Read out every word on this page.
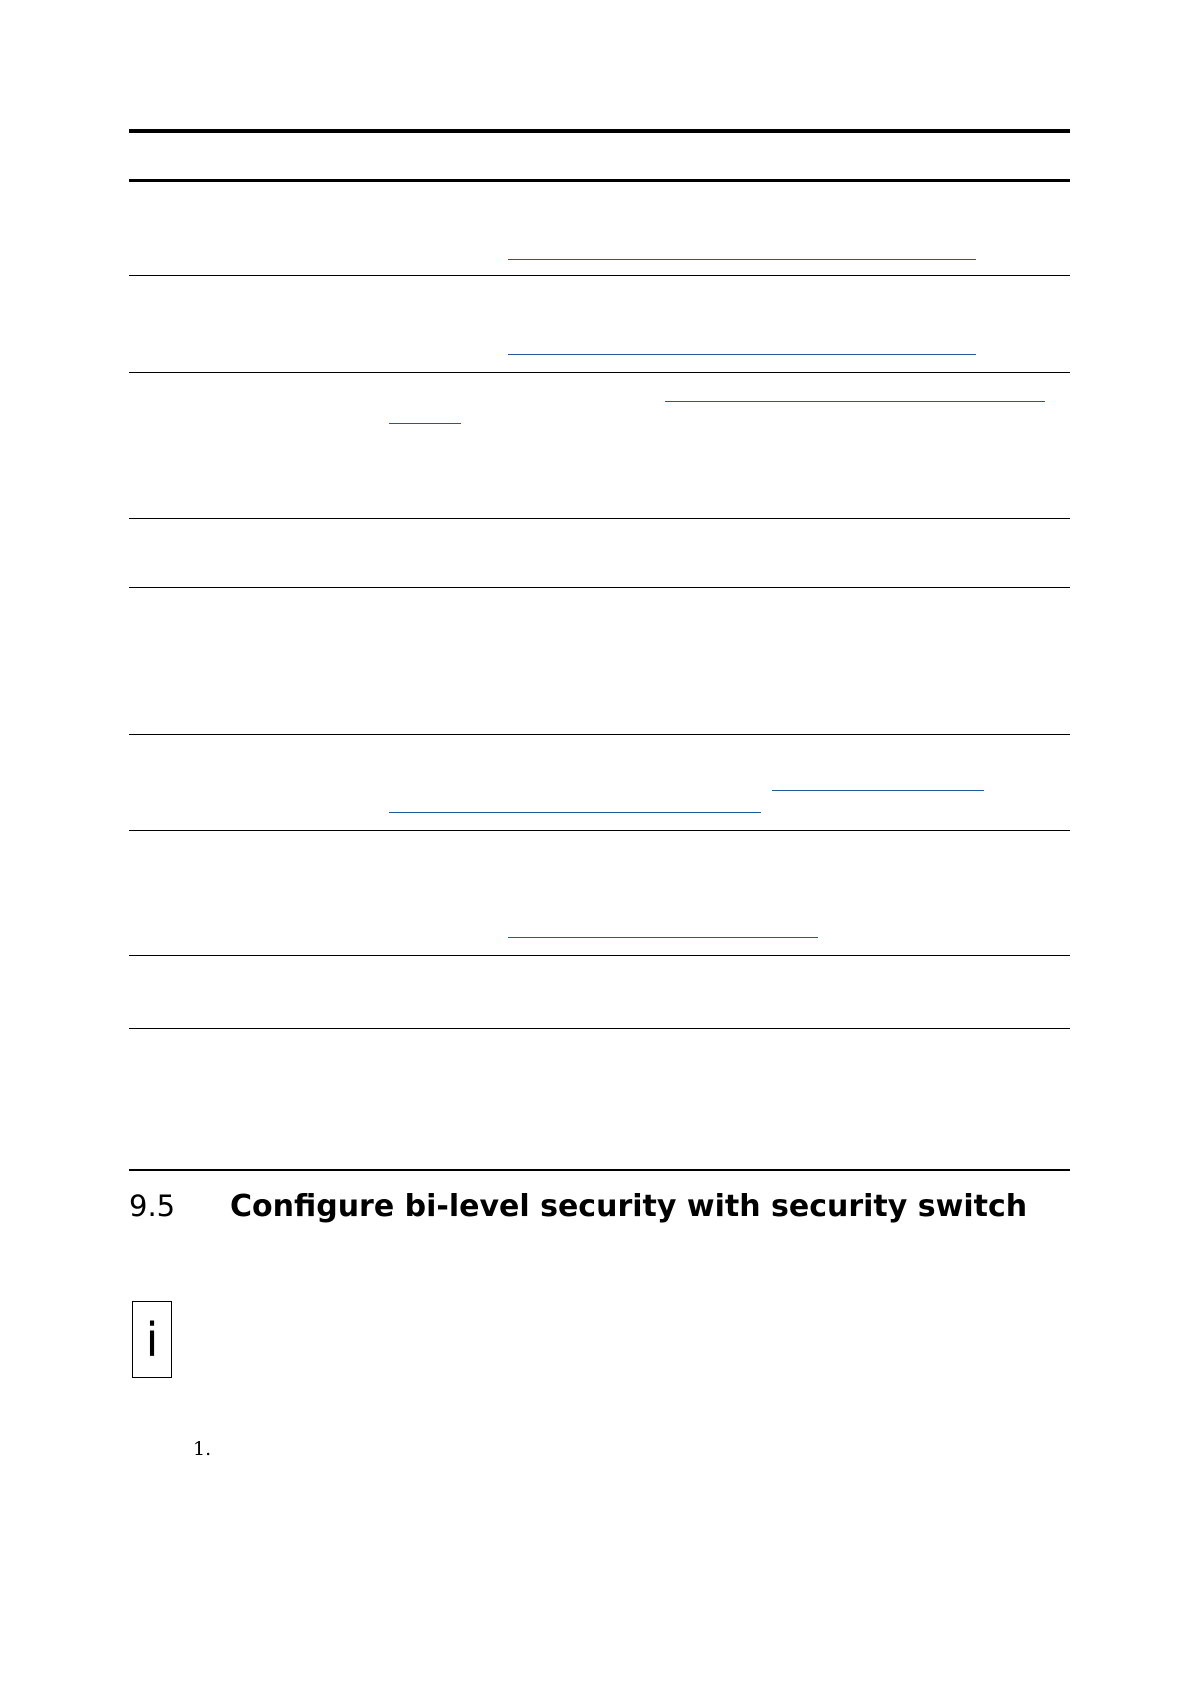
9.5	Configure bi-level security with security switch
i
1.
